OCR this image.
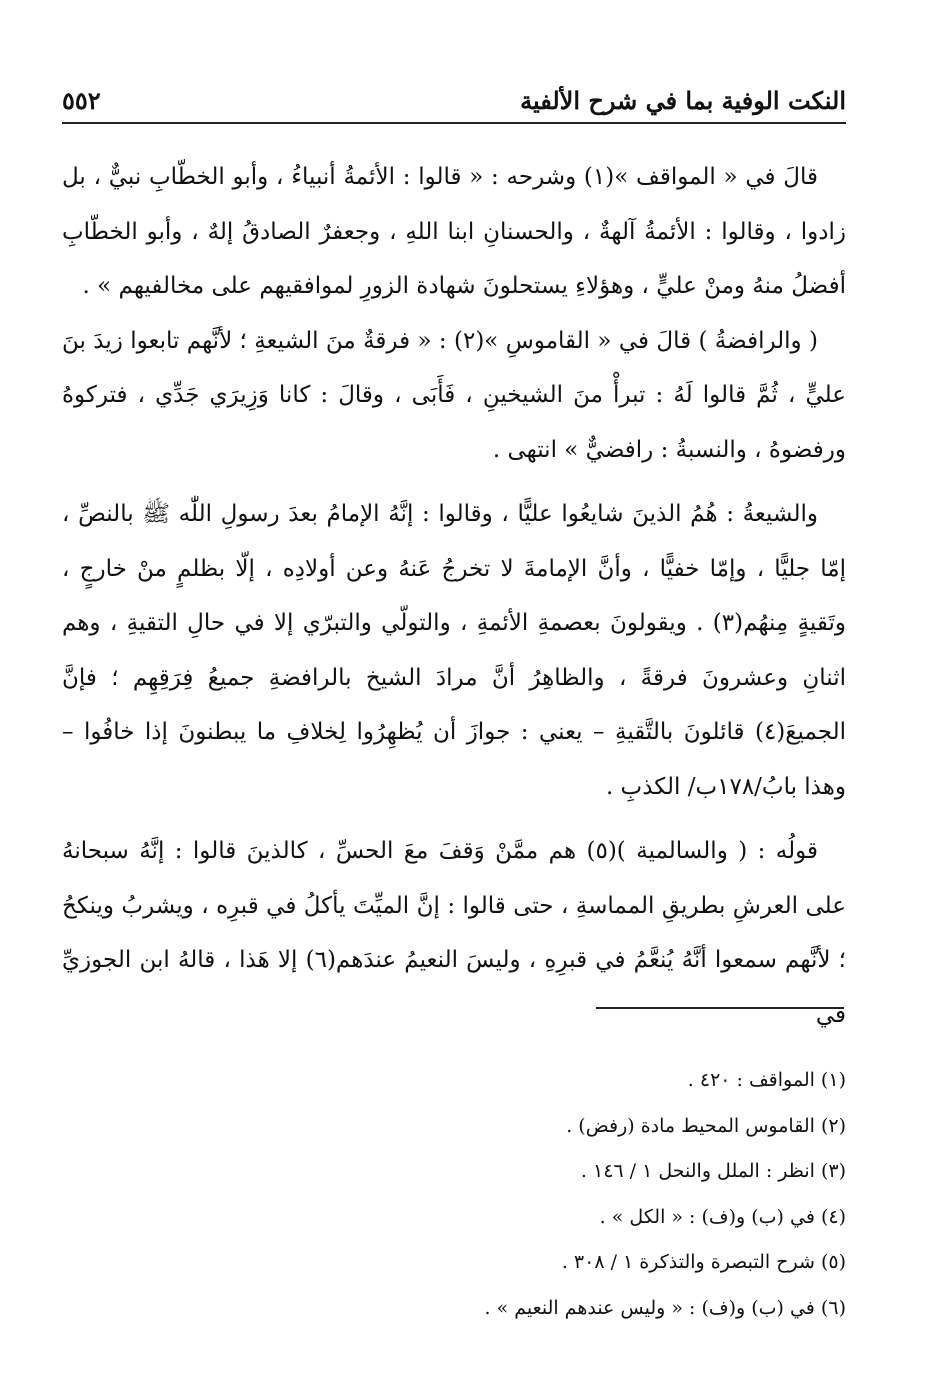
النكت الوفية بما في شرح الألفية
٥٥٢

قالَ في « المواقف »(١) وشرحه : « قالوا : الأئمةُ أنبياءُ ، وأبو الخطّابِ نبيٌّ ، بل زادوا ، وقالوا : الأئمةُ آلهةٌ ، والحسنانِ ابنا اللهِ ، وجعفرٌ الصادقُ إلهٌ ، وأبو الخطّابِ أفضلُ منهُ ومنْ عليٍّ ، وهؤلاءِ يستحلونَ شهادة الزورِ لموافقيهم على مخالفيهم » .

( والرافضةُ ) قالَ في « القاموسِ »(٢) : « فرقةٌ منَ الشيعةِ ؛ لأنَّهم تابعوا زيدَ بنَ عليٍّ ، ثُمَّ قالوا لَهُ : تبرأْ منَ الشيخينِ ، فَأَبَى ، وقالَ : كانا وَزِيرَي جَدِّي ، فتركوهُ ورفضوهُ ، والنسبةُ : رافضيٌّ » انتهى .

والشيعةُ : هُمُ الذينَ شايعُوا عليًّا ، وقالوا : إنَّهُ الإمامُ بعدَ رسولِ اللّٰه ﷺ بالنصِّ ، إمّا جليًّا ، وإمّا خفيًّا ، وأنَّ الإمامةَ لا تخرجُ عَنهُ وعن أولادِه ، إلّا بظلمٍ منْ خارجٍ ، وتَقيةٍ مِنهُم(٣) . ويقولونَ بعصمةِ الأئمةِ ، والتولّي والتبرّي إلا في حالِ التقيةِ ، وهم اثنانِ وعشرونَ فرقةً ، والظاهِرُ أنَّ مرادَ الشيخ بالرافضةِ جميعُ فِرَقِهِم ؛ فإنَّ الجميعَ(٤) قائلونَ بالتَّقيةِ – يعني : جوازَ أن يُظهِرُوا لِخلافِ ما يبطنونَ إذا خافُوا – وهذا بابُ/١٧٨ب/ الكذبِ .

قولُه : ( والسالمية )(٥) هم ممَّنْ وَقفَ معَ الحسِّ ، كالذينَ قالوا : إنَّهُ سبحانهُ على العرشِ بطريقِ المماسةِ ، حتى قالوا : إنَّ الميِّتَ يأكلُ في قبرِه ، ويشربُ وينكحُ ؛ لأنَّهم سمعوا أنَّهُ يُنعَّمُ في قبرِهِ ، وليسَ النعيمُ عندَهم(٦) إلا هَذا ، قالهُ ابن الجوزيِّ في

(١) المواقف : ٤٢٠ .
(٢) القاموس المحيط مادة (رفض) .
(٣) انظر : الملل والنحل ١ / ١٤٦ .
(٤) في (ب) و(ف) : « الكل » .
(٥) شرح التبصرة والتذكرة ١ / ٣٠٨ .
(٦) في (ب) و(ف) : « وليس عندهم النعيم » .
